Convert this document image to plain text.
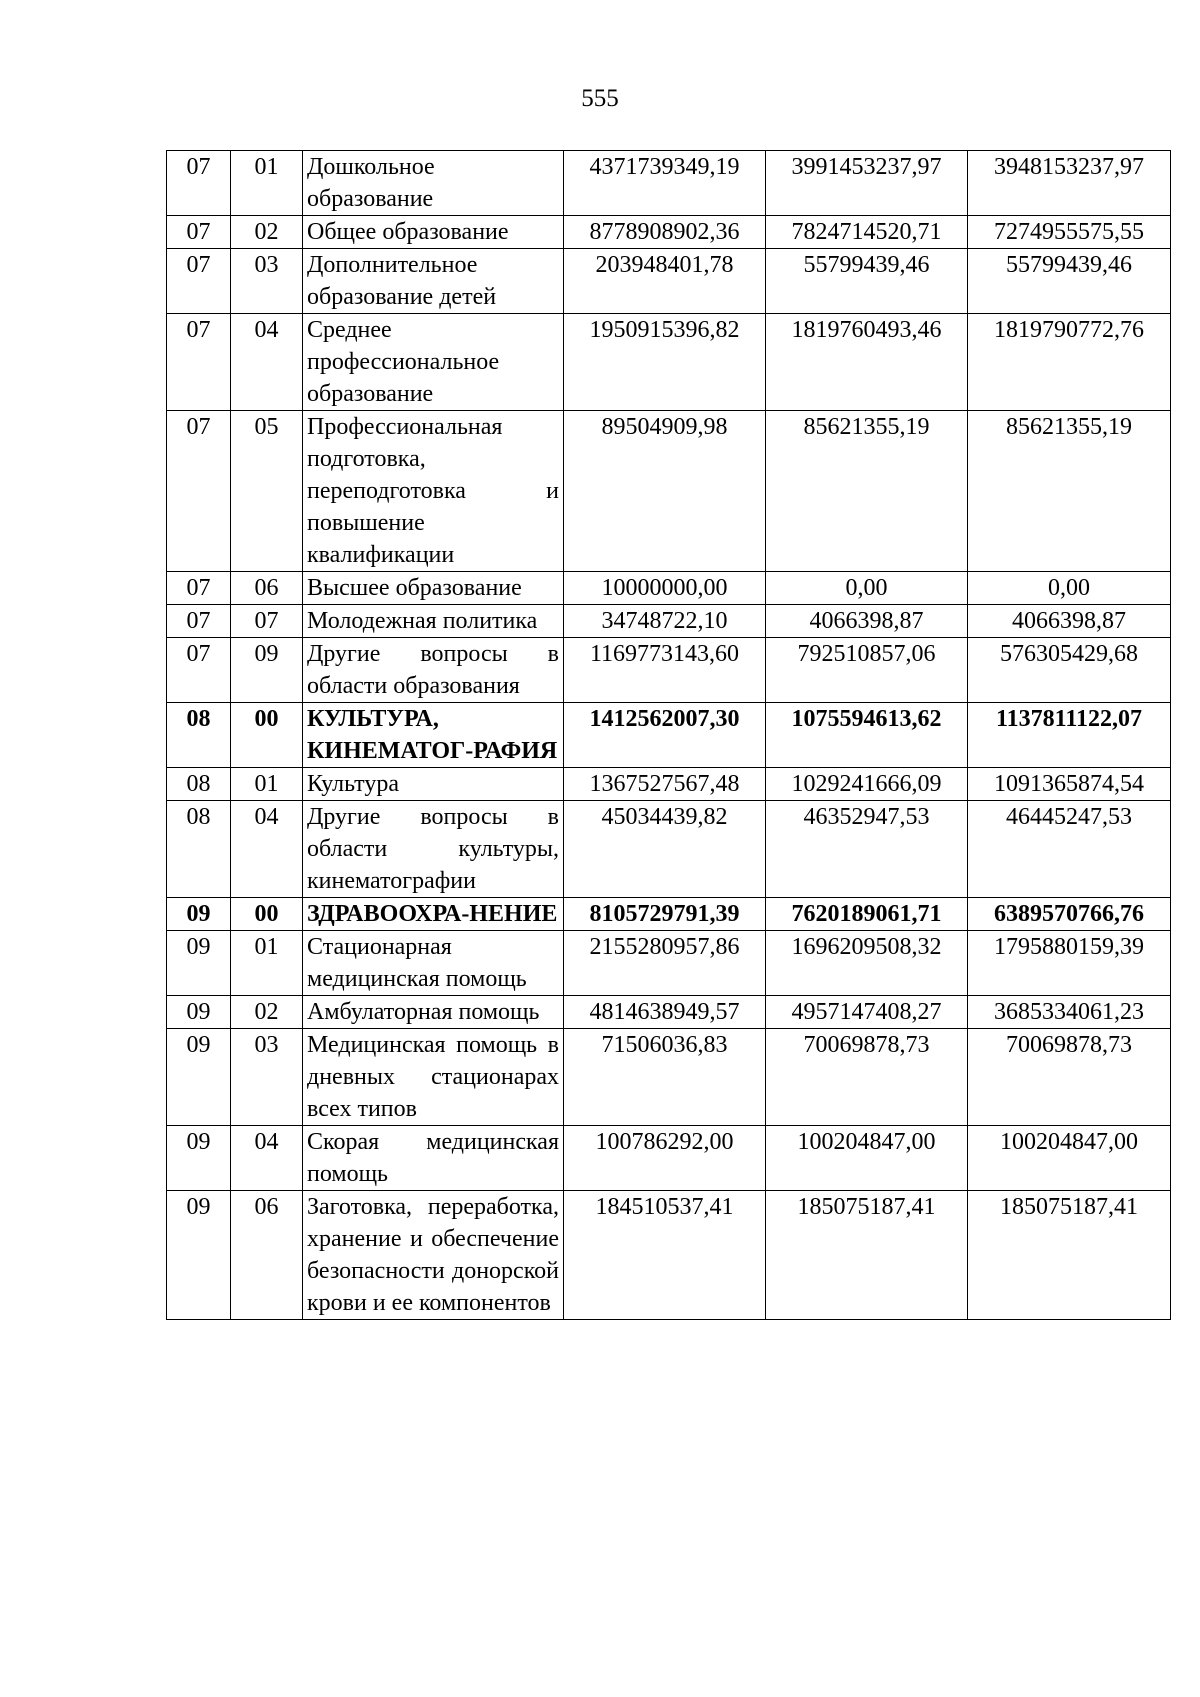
555
07	01	Дошкольное образование	4371739349,19	3991453237,97	3948153237,97
07	02	Общее образование	8778908902,36	7824714520,71	7274955575,55
07	03	Дополнительное образование детей	203948401,78	55799439,46	55799439,46
07	04	Среднее профессиональное образование	1950915396,82	1819760493,46	1819790772,76
07	05	Профессиональная подготовка, переподготовка и повышение квалификации	89504909,98	85621355,19	85621355,19
07	06	Высшее образование	10000000,00	0,00	0,00
07	07	Молодежная политика	34748722,10	4066398,87	4066398,87
07	09	Другие вопросы в области образования	1169773143,60	792510857,06	576305429,68
08	00	КУЛЬТУРА, КИНЕМАТОГ-РАФИЯ	1412562007,30	1075594613,62	1137811122,07
08	01	Культура	1367527567,48	1029241666,09	1091365874,54
08	04	Другие вопросы в области культуры, кинематографии	45034439,82	46352947,53	46445247,53
09	00	ЗДРАВООХРА-НЕНИЕ	8105729791,39	7620189061,71	6389570766,76
09	01	Стационарная медицинская помощь	2155280957,86	1696209508,32	1795880159,39
09	02	Амбулаторная помощь	4814638949,57	4957147408,27	3685334061,23
09	03	Медицинская помощь в дневных стационарах всех типов	71506036,83	70069878,73	70069878,73
09	04	Скорая медицинская помощь	100786292,00	100204847,00	100204847,00
09	06	Заготовка, переработка, хранение и обеспечение безопасности донорской крови и ее компонентов	184510537,41	185075187,41	185075187,41
